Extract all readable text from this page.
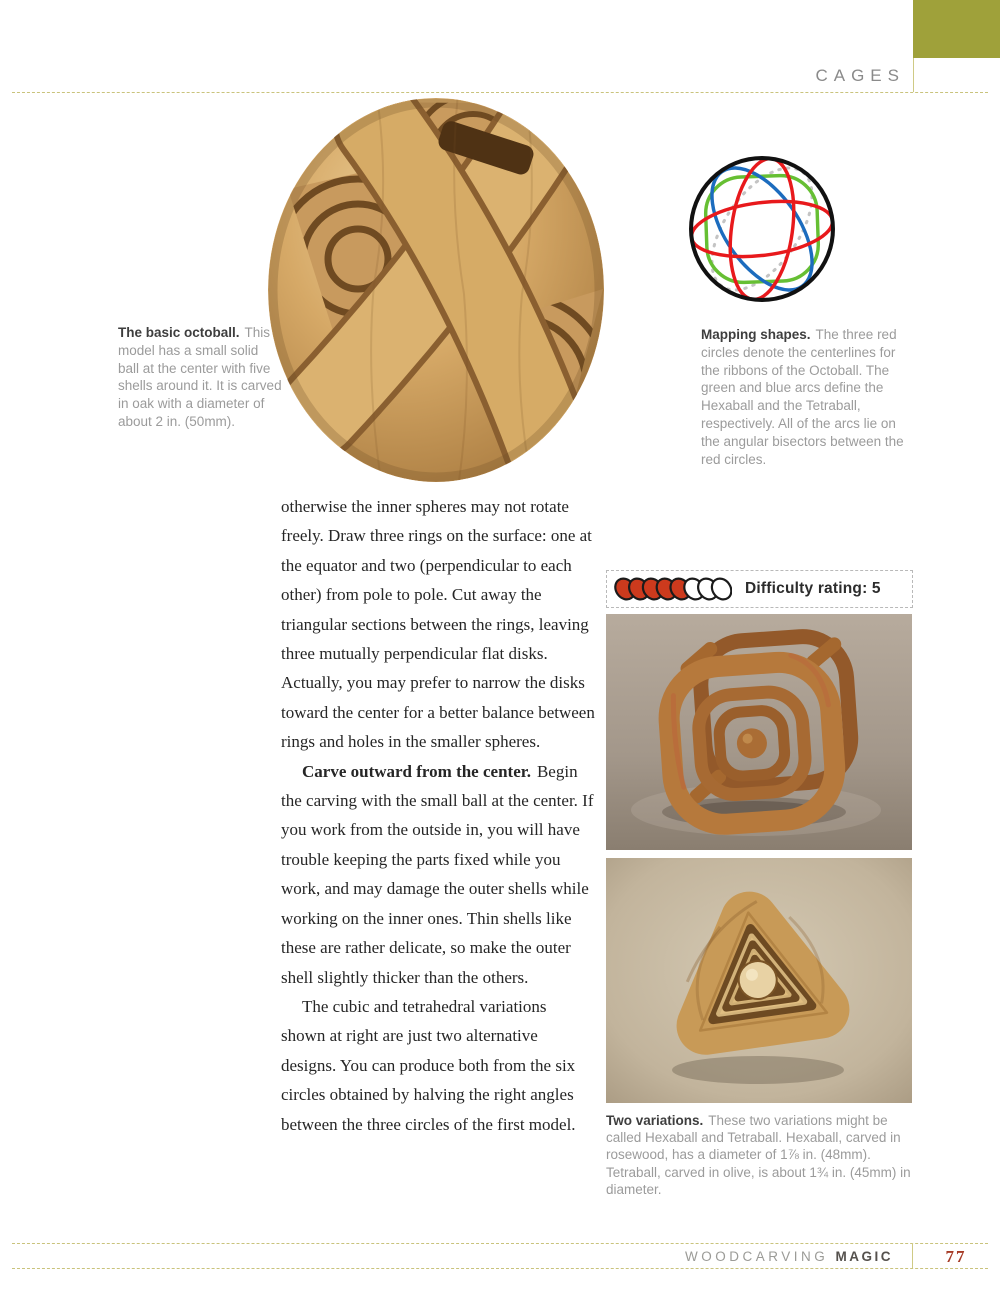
CAGES
The basic octoball. This model has a small solid ball at the center with five shells around it. It is carved in oak with a diameter of about 2 in. (50mm).
Mapping shapes. The three red circles denote the centerlines for the ribbons of the Octoball. The green and blue arcs define the Hexaball and the Tetraball, respectively. All of the arcs lie on the angular bisectors between the red circles.

otherwise the inner spheres may not rotate freely. Draw three rings on the surface: one at the equator and two (perpendicular to each other) from pole to pole. Cut away the triangular sections between the rings, leaving three mutually perpendicular flat disks. Actually, you may prefer to narrow the disks toward the center for a better balance between rings and holes in the smaller spheres.

Carve outward from the center. Begin the carving with the small ball at the center. If you work from the outside in, you will have trouble keeping the parts fixed while you work, and may damage the outer shells while working on the inner ones. Thin shells like these are rather delicate, so make the outer shell slightly thicker than the others.

The cubic and tetrahedral variations shown at right are just two alternative designs. You can produce both from the six circles obtained by halving the right angles between the three circles of the first model.

Difficulty rating: 5
Two variations. These two variations might be called Hexaball and Tetraball. Hexaball, carved in rosewood, has a diameter of 1⅞ in. (48mm). Tetraball, carved in olive, is about 1¾ in. (45mm) in diameter.
WOODCARVING MAGIC	77
